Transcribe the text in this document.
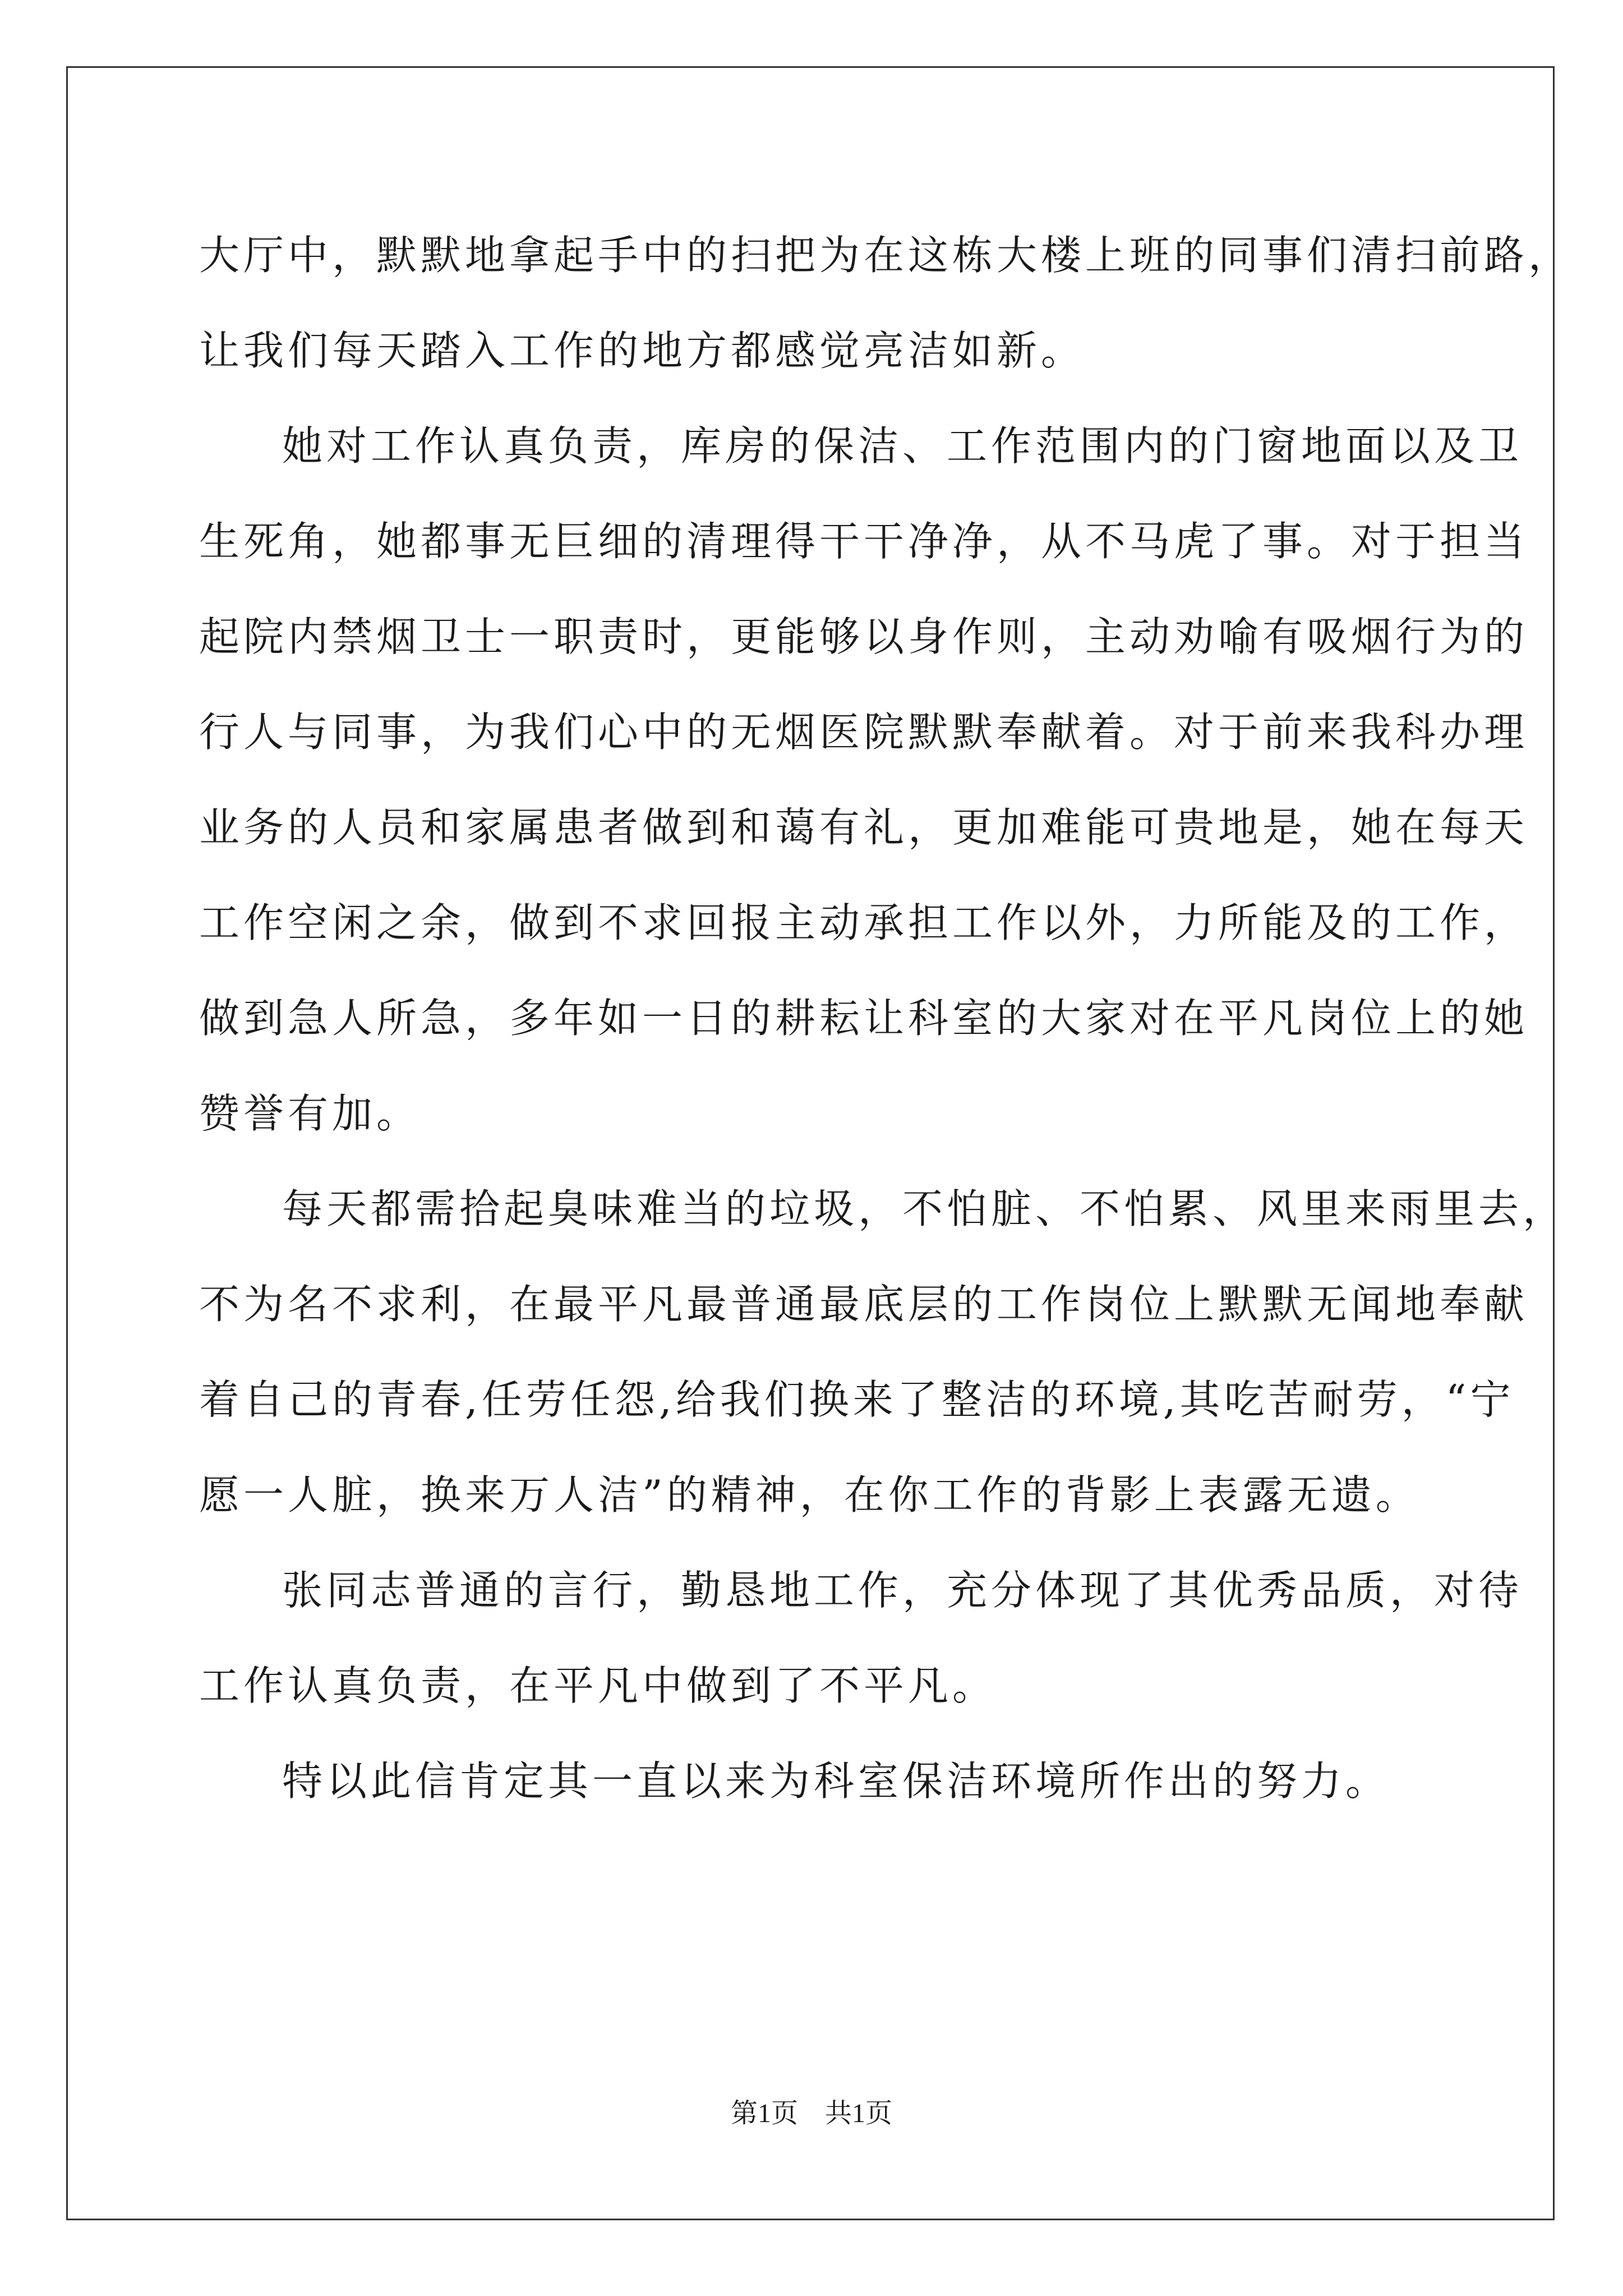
大厅中，默默地拿起手中的扫把为在这栋大楼上班的同事们清扫前路，
让我们每天踏入工作的地方都感觉亮洁如新。
她对工作认真负责，库房的保洁、工作范围内的门窗地面以及卫
生死角，她都事无巨细的清理得干干净净，从不马虎了事。对于担当
起院内禁烟卫士一职责时，更能够以身作则，主动劝喻有吸烟行为的
行人与同事，为我们心中的无烟医院默默奉献着。对于前来我科办理
业务的人员和家属患者做到和蔼有礼，更加难能可贵地是，她在每天
工作空闲之余，做到不求回报主动承担工作以外，力所能及的工作，
做到急人所急，多年如一日的耕耘让科室的大家对在平凡岗位上的她
赞誉有加。
每天都需拾起臭味难当的垃圾，不怕脏、不怕累、风里来雨里去，
不为名不求利，在最平凡最普通最底层的工作岗位上默默无闻地奉献
着自己的青春,任劳任怨,给我们换来了整洁的环境,其吃苦耐劳，“宁
愿一人脏，换来万人洁”的精神，在你工作的背影上表露无遗。
张同志普通的言行，勤恳地工作，充分体现了其优秀品质，对待
工作认真负责，在平凡中做到了不平凡。
特以此信肯定其一直以来为科室保洁环境所作出的努力。
第1页　共1页
